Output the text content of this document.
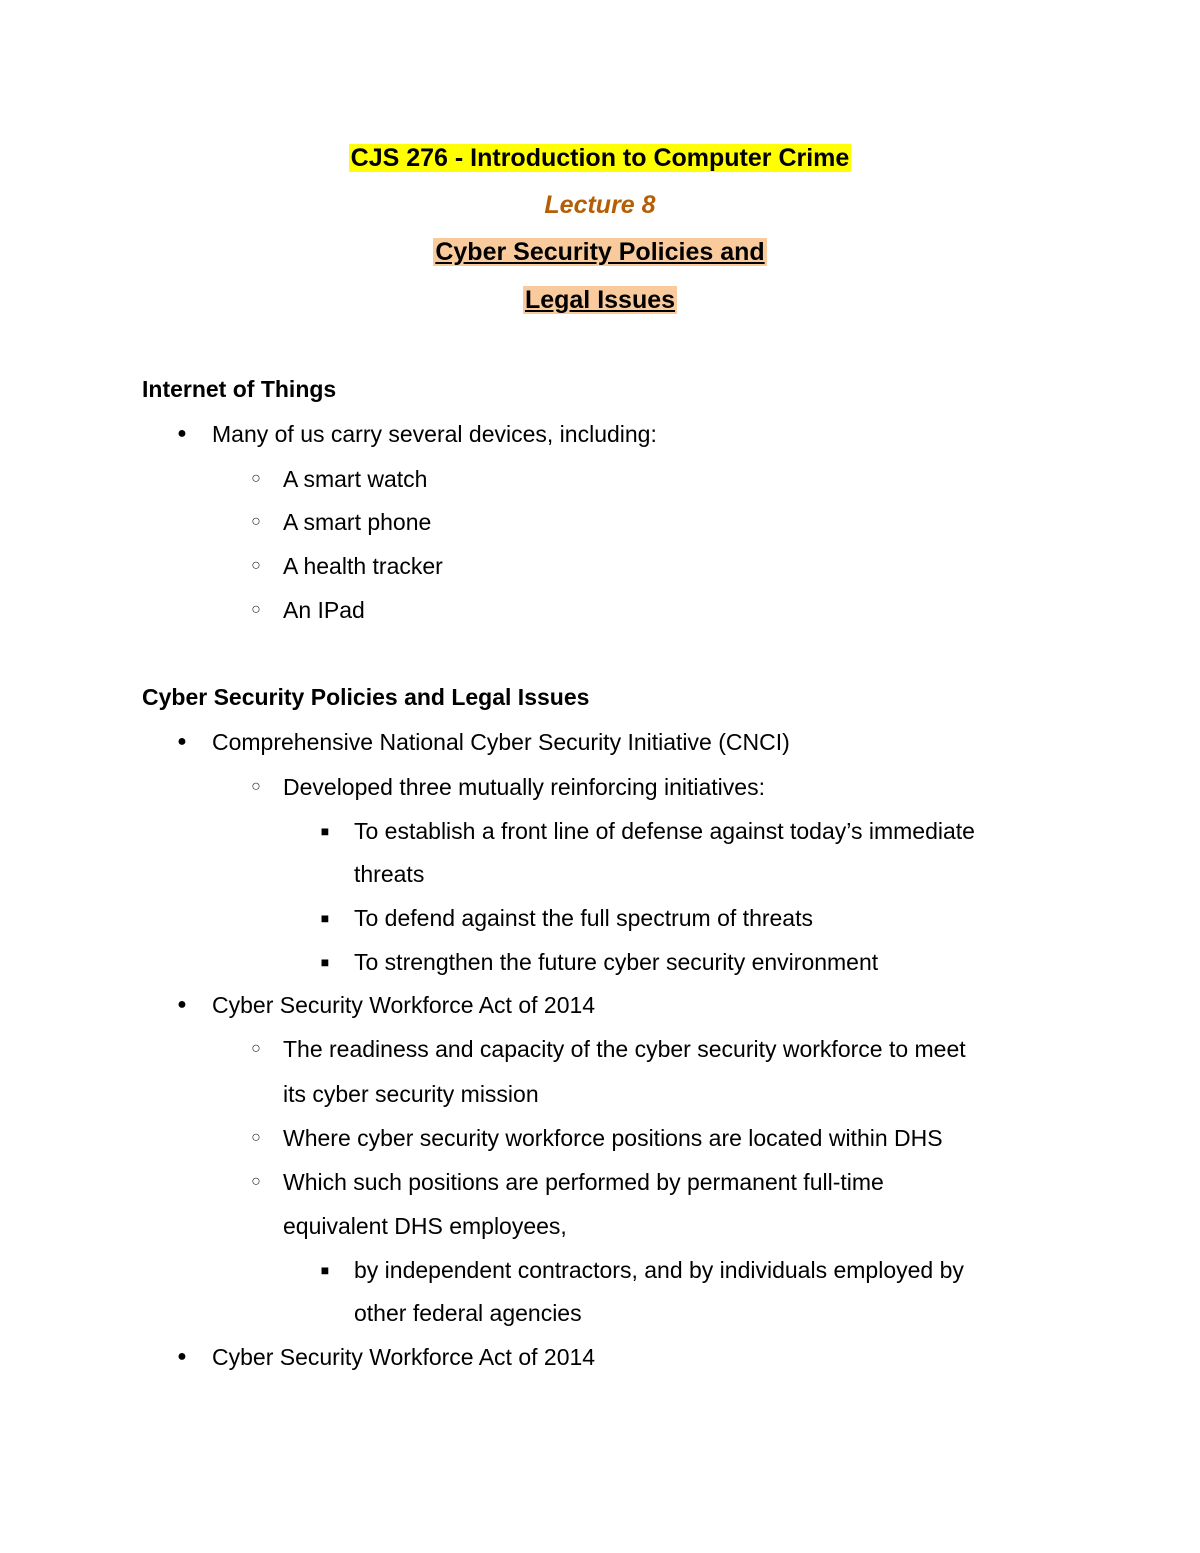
CJS 276 - Introduction to Computer Crime
Lecture 8
Cyber Security Policies and
Legal Issues
Internet of Things
● Many of us carry several devices, including:
○ A smart watch
○ A smart phone
○ A health tracker
○ An IPad
Cyber Security Policies and Legal Issues
● Comprehensive National Cyber Security Initiative (CNCI)
○ Developed three mutually reinforcing initiatives:
■ To establish a front line of defense against today’s immediate
threats
■ To defend against the full spectrum of threats
■ To strengthen the future cyber security environment
● Cyber Security Workforce Act of 2014
○ The readiness and capacity of the cyber security workforce to meet
its cyber security mission
○ Where cyber security workforce positions are located within DHS
○ Which such positions are performed by permanent full-time
equivalent DHS employees,
■ by independent contractors, and by individuals employed by
other federal agencies
● Cyber Security Workforce Act of 2014
